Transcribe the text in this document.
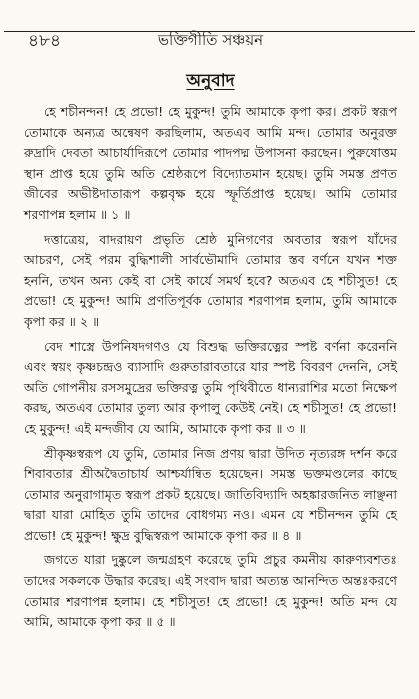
৪৮৪	ভক্তিগীতি সঞ্চয়ন
অনুবাদ

হে শচীনন্দন! হে প্রভো! হে মুকুন্দ! তুমি আমাকে কৃপা কর। প্রকট স্বরূপ তোমাকে অন্যত্র অন্বেষণ করছিলাম, অতএব আমি মন্দ। তোমার অনুরক্ত রুদ্রাদি দেবতা আচার্যাদিরূপে তোমার পাদপদ্ম উপাসনা করছেন। পুরুষোত্তম স্থান প্রাপ্ত হয়ে তুমি অতি শ্রেষ্ঠরূপে বিদ্যোতমান হয়েছ। তুমি সমস্ত প্রণত জীবের অভীষ্টদাতারূপ কল্পবৃক্ষ হয়ে স্ফূর্তিপ্রাপ্ত হয়েছ। আমি তোমার শরণাপন্ন হলাম ॥ ১ ॥

দত্তাত্রেয়, বাদরায়ণ প্রভৃতি শ্রেষ্ঠ মুনিগণের অবতার স্বরূপ যাঁদের আচরণ, সেই পরম বুদ্ধিশালী সার্বভৌমাদি তোমার স্তব বর্ণনে যখন শক্ত হননি, তখন অন্য কেই বা সেই কার্যে সমর্থ হবে? অতএব হে শচীসুত! হে প্রভো! হে মুকুন্দ! আমি প্রণতিপূর্বক তোমার শরণাপন্ন হলাম, তুমি আমাকে কৃপা কর ॥ ২ ॥

বেদ শাস্ত্রে উপনিষদগণও যে বিশুদ্ধ ভক্তিরত্নের স্পষ্ট বর্ণনা করেননি এবং স্বয়ং কৃষ্ণচন্দ্রও ব্যাসাদি গুরুতারাবতারে যার স্পষ্ট বিবরণ দেননি, সেই অতি গোপনীয় রসসমুদ্রের ভক্তিরত্ন তুমি পৃথিবীতে ধান্যরাশির মতো নিক্ষেপ করছ, অতএব তোমার তুল্য আর কৃপালু কেউই নেই। হে শচীসুত! হে প্রভো! হে মুকুন্দ! এই মন্দজীব যে আমি, আমাকে কৃপা কর ॥ ৩ ॥

শ্রীকৃষ্ণস্বরূপ যে তুমি, তোমার নিজ প্রণয় দ্বারা উদিত নৃত্যরঙ্গ দর্শন করে শিবাবতার শ্রীঅদ্বৈতাচার্য আশ্চর্যান্বিত হয়েছেন। সমস্ত ভক্তমণ্ডলের কাছে তোমার অনুরাগামৃত স্বরূপ প্রকট হয়েছে। জাতিবিদ্যাদি অহঙ্কারজনিত লাঞ্ছনা দ্বারা যারা মোহিত তুমি তাদের বোধগম্য নও। এমন যে শচীনন্দন তুমি হে প্রভো! হে মুকুন্দ! ক্ষুদ্র বুদ্ধিস্বরূপ আমাকে কৃপা কর ॥ ৪ ॥

জগতে যারা দুষ্কুলে জন্মগ্রহণ করেছে তুমি প্রচুর কমনীয় কারুণ্যবশতঃ তাদের সকলকে উদ্ধার করেছ। এই সংবাদ দ্বারা অত্যন্ত আনন্দিত অন্তঃকরণে তোমার শরণাপন্ন হলাম। হে শচীসুত! হে প্রভো! হে মুকুন্দ! অতি মন্দ যে আমি, আমাকে কৃপা কর ॥ ৫ ॥
